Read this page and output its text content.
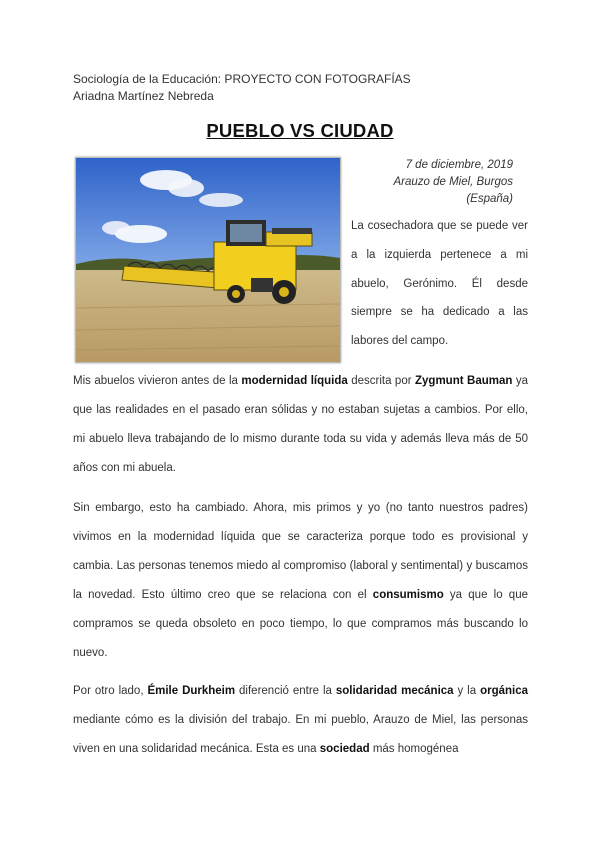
Sociología de la Educación: PROYECTO CON FOTOGRAFÍAS
Ariadna Martínez Nebreda
PUEBLO VS CIUDAD
7 de diciembre, 2019
Arauzo de Miel, Burgos (España)
La cosechadora que se puede ver a la izquierda pertenece a mi abuelo, Gerónimo. Él desde siempre se ha dedicado a las labores del campo.
Mis abuelos vivieron antes de la modernidad líquida descrita por Zygmunt Bauman ya que las realidades en el pasado eran sólidas y no estaban sujetas a cambios. Por ello, mi abuelo lleva trabajando de lo mismo durante toda su vida y además lleva más de 50 años con mi abuela.
Sin embargo, esto ha cambiado. Ahora, mis primos y yo (no tanto nuestros padres) vivimos en la modernidad líquida que se caracteriza porque todo es provisional y cambia. Las personas tenemos miedo al compromiso (laboral y sentimental) y buscamos la novedad. Esto último creo que se relaciona con el consumismo ya que lo que compramos se queda obsoleto en poco tiempo, lo que compramos más buscando lo nuevo.
Por otro lado, Émile Durkheim diferenció entre la solidaridad mecánica y la orgánica mediante cómo es la división del trabajo. En mi pueblo, Arauzo de Miel, las personas viven en una solidaridad mecánica. Esta es una sociedad más homogénea
